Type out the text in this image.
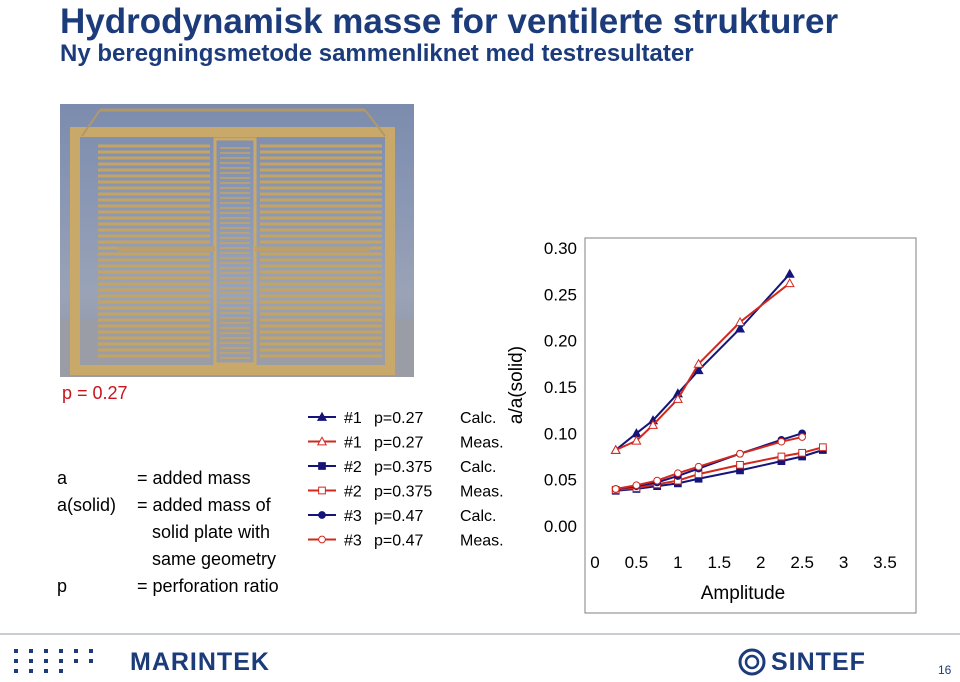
Hydrodynamisk masse for ventilerte strukturer
Ny beregningsmetode sammenliknet med testresultater
p = 0.27
a	= added mass
a(solid) = added mass of
solid plate with
same geometry
p	= perforation ratio
#1 p=0.27 Calc.
#1 p=0.27 Meas.
#2 p=0.375 Calc.
#2 p=0.375 Meas.
#3 p=0.47 Calc.
#3 p=0.47 Meas.
0.00
0.05
0.10
0.15
0.20
0.25
0.30
0 0.5 1 1.5 2 2.5 3 3.5
Amplitude
a/a(solid)
MARINTEK	SINTEF	16
